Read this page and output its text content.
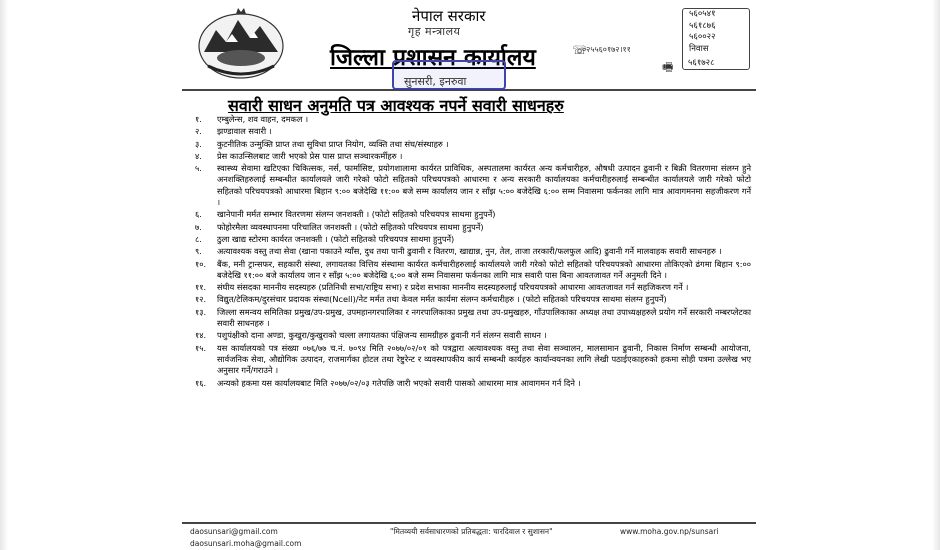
नेपाल सरकार
गृह मन्त्रालय
जिल्ला प्रशासन कार्यालय
सुनसरी, इनरुवा
☏
०२५५६०१७२।११
🖷
५६०५४१
५६१८७६
५६००२२
निवास
५६१७२८
सवारी साधन अनुमति पत्र आवश्यक नपर्ने सवारी साधनहरु
१.	एम्बुलेन्स, शव वाहन, दमकल ।
२.	झण्डावाल सवारी ।
३.	कुटनीतिक उन्मुक्ति प्राप्त तथा सुविधा प्राप्त नियोग, व्यक्ति तथा संघ/संस्थाहरु ।
४.	प्रेस काउन्सिलबाट जारी भएको प्रेस पास प्राप्त सञ्चारकर्मीहरु ।
५.	स्वास्थ्य सेवामा खटिएका चिकित्सक, नर्स, फार्मासिष्ट, प्रयोगशालामा कार्यरत प्राविधिक, अस्पतालमा कार्यरत अन्य कर्मचारीहरु, औषधी उत्पादन ढुवानी र बिक्री वितरणमा संलग्न हुने अनशक्तिहरुलाई सम्बन्धीत कार्यालयले जारी गरेको फोटो सहितको परिचयपत्रको आधारमा र अन्य सरकारी कार्यालयका कर्मचारीहरुलाई सम्बन्धीत कार्यालयले जारी गरेको फोटो सहितको परिचयपत्रको आधारमा बिहान ९:०० बजेदेखि ११:०० बजे सम्म कार्यालय जान र साँझ ५:०० बजेदेखि ६:०० सम्म निवासमा फर्कनका लागि मात्र आवागमनमा सहजीकरण गर्ने ।
६.	खानेपानी मर्मत सम्भार वितरणमा संलग्न जनशक्ती । (फोटो सहितको परिचयपत्र साथमा हुनुपर्ने)
७.	फोहोरमैला व्यवस्थापनमा परिचालित जनशक्ती । (फोटो सहितको परिचयपत्र साथमा हुनुपर्ने)
८.	ठुला खाद्य स्टोरमा कार्यरत जनशक्ती । (फोटो सहितको परिचयपत्र साथमा हुनुपर्ने)
९.	अत्यावश्यक वस्तु तथा सेवा (खाना पकाउने ग्याँस, दुध तथा पानी ढुवानी र वितरण, खाद्यान्न, नुन, तेल, ताजा तरकारी/फलफुल आदि) ढुवानी गर्ने मालवाहक सवारी साधनहरु ।
१०.	बैंक, मनी ट्रान्सफर, सहकारी संस्था, लगायतका वित्तिय संस्थामा कार्यरत कर्मचारीहरुलाई कार्यालयले जारी गरेको फोटो सहितको परिचयपत्रको आधारमा तोकिएको ढंगमा बिहान ९:०० बजेदेखि ११:०० बजे कार्यालय जान र साँझ ५:०० बजेदेखि ६:०० बजे सम्म निवासमा फर्कनका लागि मात्र सवारी पास बिना आवतजावत गर्ने अनुमती दिने ।
११.	संघीय संसदका माननीय सदस्यहरु (प्रतिनिधी सभा/राष्ट्रिय सभा) र प्रदेश सभाका माननीय सदस्यहरुलाई परिचयपत्रको आधारमा आवतजावत गर्न सहजिकरण गर्ने ।
१२.	विद्युत/टेलिकम/दुरसंचार प्रदायक संस्था(Ncell)/नेट मर्मत तथा केवल मर्मत कार्यमा संलग्न कर्मचारीहरु । (फोटो सहितको परिचयपत्र साथमा संलग्न हुनुपर्ने)
१३.	जिल्ला समन्वय समितिका प्रमुख/उप-प्रमुख, उपमहानगरपालिका र नगरपालिकाका प्रमुख तथा उप-प्रमुखहरु, गाँउपालिकाका अध्यक्ष तथा उपाध्यक्षहरुले प्रयोग गर्ने सरकारी नम्बरप्लेटका सवारी साधनहरु ।
१४.	पशुपंक्षीको दाना अण्डा, कुखुरा/कुखुराको चल्ला लगायतका पंक्षिजन्य सामग्रीहरु ढुवानी गर्न संलग्न सवारी साधन ।
१५.	यस कार्यालयको पत्र संख्या ०७६/७७ च.नं. ७०९४ मिति २०७७/०२/०१ को पत्रद्वारा अत्यावश्यक वस्तु तथा सेवा सञ्चालन, मालसामान ढुवानी, निकास निर्माण सम्बन्धी आयोजना, सार्वजनिक सेवा, औद्योगिक उत्पादन, राजमार्गका होटल तथा रेष्टुरेन्ट र व्यवस्थापकीय कार्य सम्बन्धी कार्यहरु कार्यान्वयनका लागि लेखी पठाईएकाहरुको हकमा सोही पत्रमा उल्लेख भए अनुसार गर्ने/गराउने ।
१६.	अन्यको हकमा यस कार्यालयबाट मिति २०७७/०२/०३ गतेपछि जारी भएको सवारी पासको आधारमा मात्र आवागमन गर्न दिने ।
daosunsari@gmail.com	"मितव्ययी सर्वसाधारणको प्रतिबद्धता: चारदिवाल र सुशासन"	www.moha.gov.np/sunsari
daosunsari.moha@gmail.com
